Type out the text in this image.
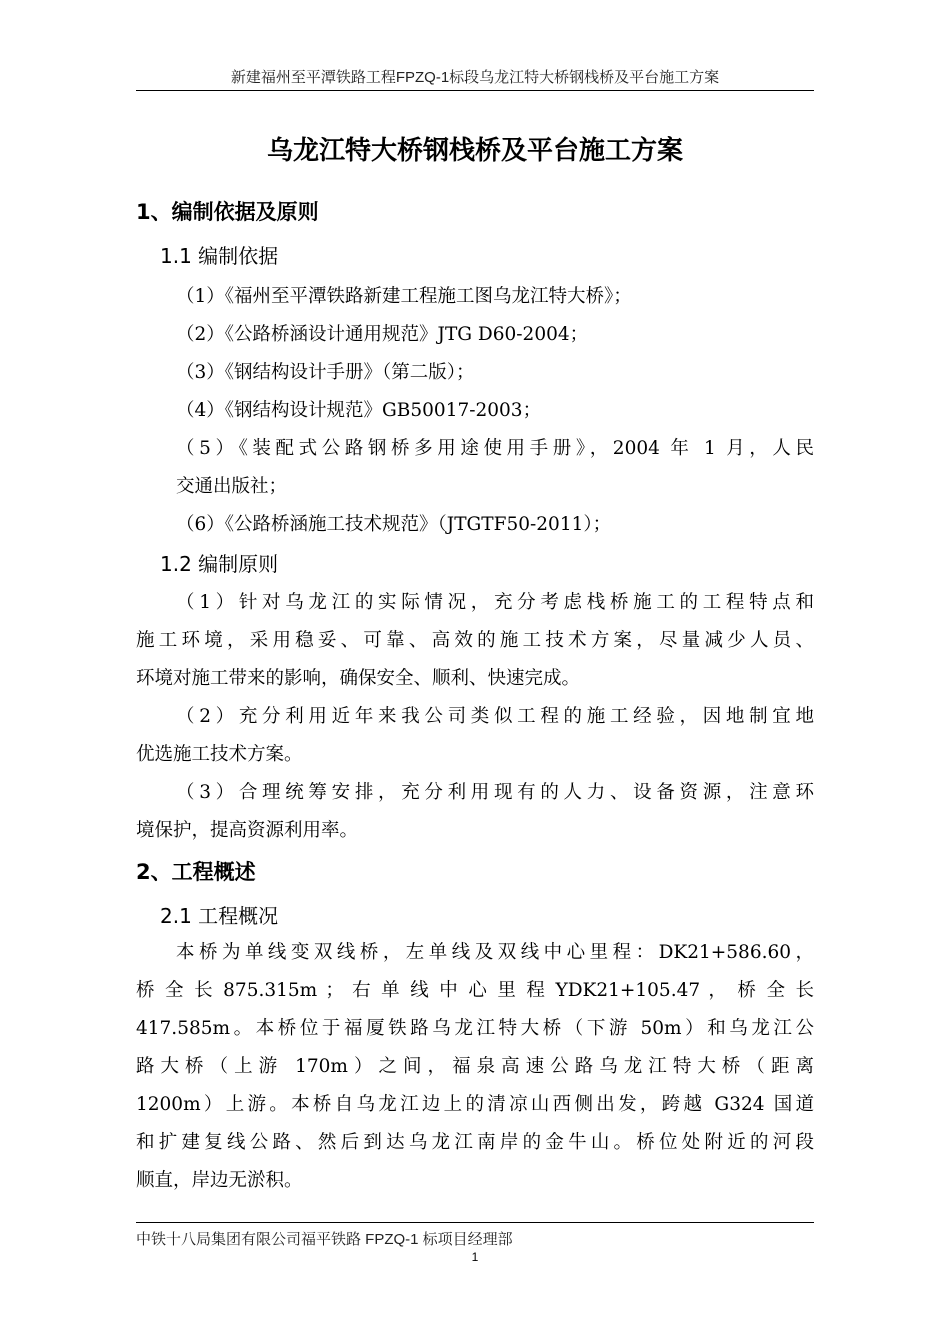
新建福州至平潭铁路工程FPZQ-1标段乌龙江特大桥钢栈桥及平台施工方案
乌龙江特大桥钢栈桥及平台施工方案
1、编制依据及原则
1.1 编制依据
（1）《福州至平潭铁路新建工程施工图乌龙江特大桥》；
（2）《公路桥涵设计通用规范》JTG D60-2004；
（3）《钢结构设计手册》（第二版）；
（4）《钢结构设计规范》GB50017-2003；
（5）《装配式公路钢桥多用途使用手册》，2004 年 1 月，人民
交通出版社；
（6）《公路桥涵施工技术规范》（JTGTF50-2011）；
1.2 编制原则
（1）针对乌龙江的实际情况，充分考虑栈桥施工的工程特点和
施工环境，采用稳妥、可靠、高效的施工技术方案，尽量减少人员、
环境对施工带来的影响，确保安全、顺利、快速完成。
（2）充分利用近年来我公司类似工程的施工经验，因地制宜地
优选施工技术方案。
（3）合理统筹安排，充分利用现有的人力、设备资源，注意环
境保护，提高资源利用率。
2、工程概述
2.1 工程概况
本桥为单线变双线桥，左单线及双线中心里程：DK21+586.60，
桥 全 长 875.315m ； 右 单 线 中 心 里 程 YDK21+105.47 ， 桥 全 长
417.585m。本桥位于福厦铁路乌龙江特大桥（下游 50m）和乌龙江公
路大桥（上游 170m）之间，福泉高速公路乌龙江特大桥（距离
1200m）上游。本桥自乌龙江边上的清凉山西侧出发，跨越 G324 国道
和扩建复线公路、然后到达乌龙江南岸的金牛山。桥位处附近的河段
顺直，岸边无淤积。
中铁十八局集团有限公司福平铁路 FPZQ-1 标项目经理部
1
